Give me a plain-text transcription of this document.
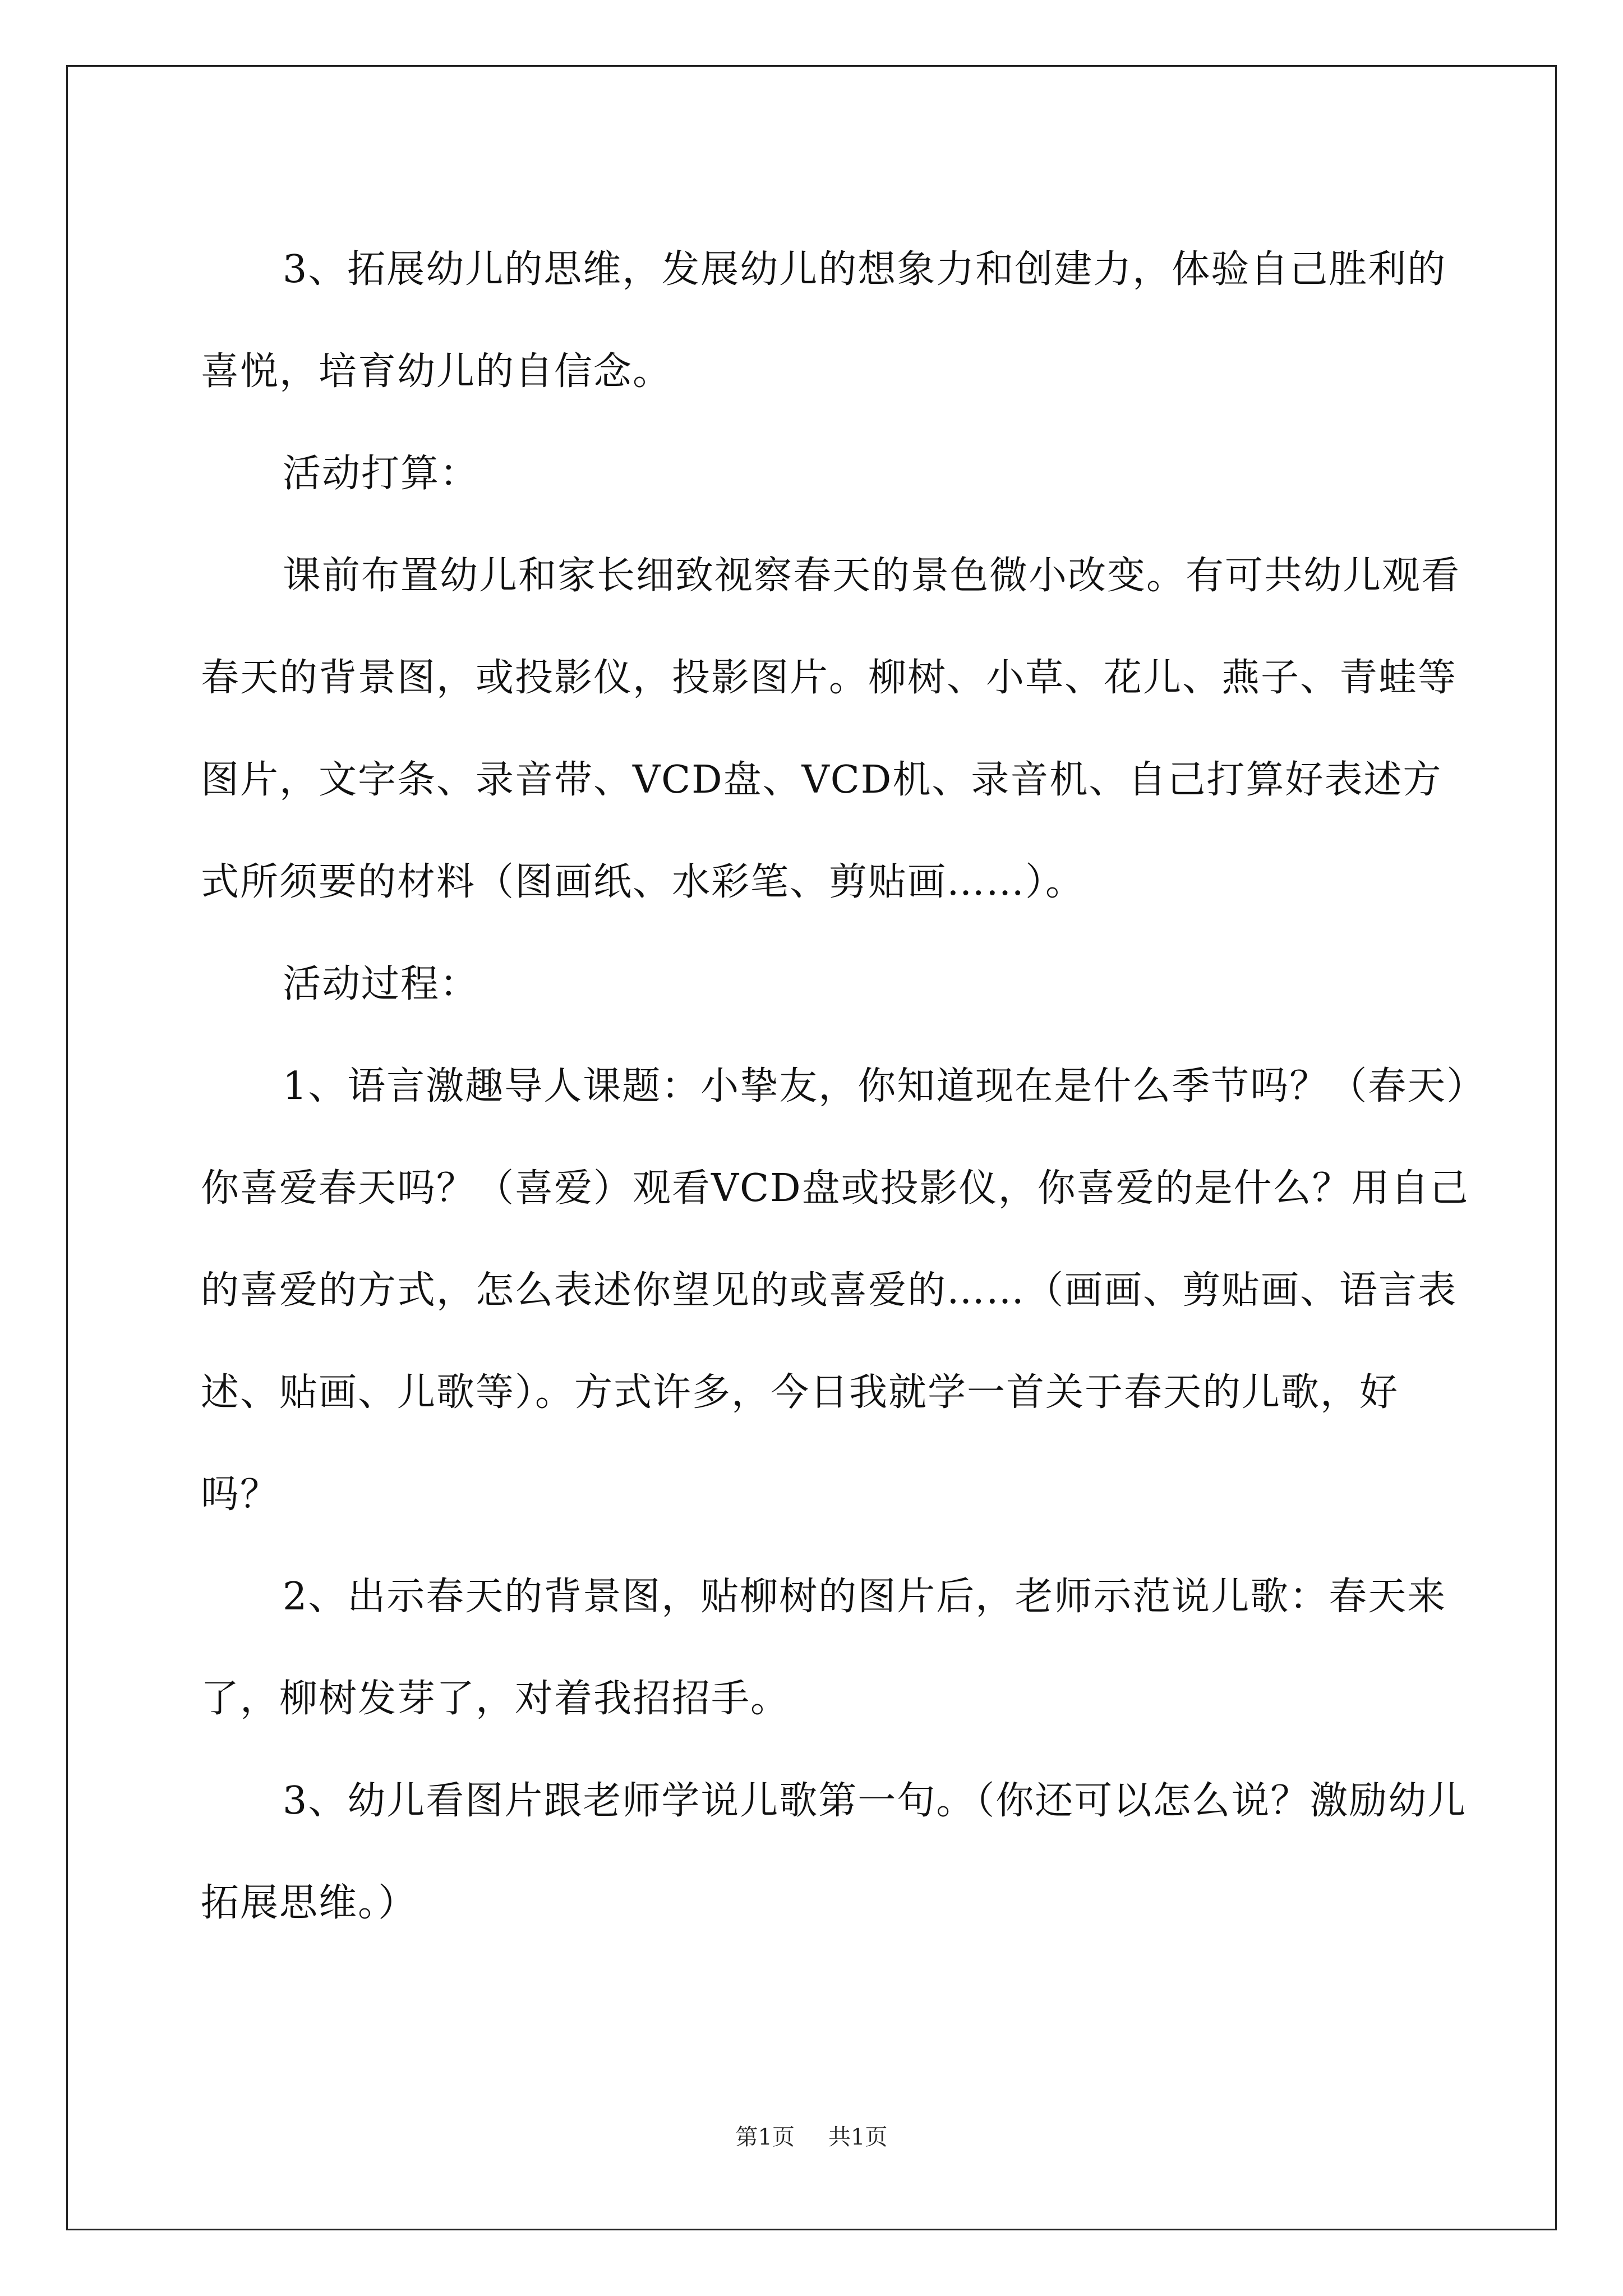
3、拓展幼儿的思维，发展幼儿的想象力和创建力，体验自己胜利的喜悦，培育幼儿的自信念。

活动打算：

课前布置幼儿和家长细致视察春天的景色微小改变。有可共幼儿观看春天的背景图，或投影仪，投影图片。柳树、小草、花儿、燕子、青蛙等图片，文字条、录音带、VCD盘、VCD机、录音机、自己打算好表述方式所须要的材料（图画纸、水彩笔、剪贴画……）。

活动过程：

1、语言激趣导人课题：小挚友，你知道现在是什么季节吗？（春天）你喜爱春天吗？（喜爱）观看VCD盘或投影仪，你喜爱的是什么？用自己的喜爱的方式，怎么表述你望见的或喜爱的……（画画、剪贴画、语言表述、贴画、儿歌等）。方式许多，今日我就学一首关于春天的儿歌，好吗？

2、出示春天的背景图，贴柳树的图片后，老师示范说儿歌：春天来了，柳树发芽了，对着我招招手。

3、幼儿看图片跟老师学说儿歌第一句。（你还可以怎么说？激励幼儿拓展思维。）

第1页 共1页
